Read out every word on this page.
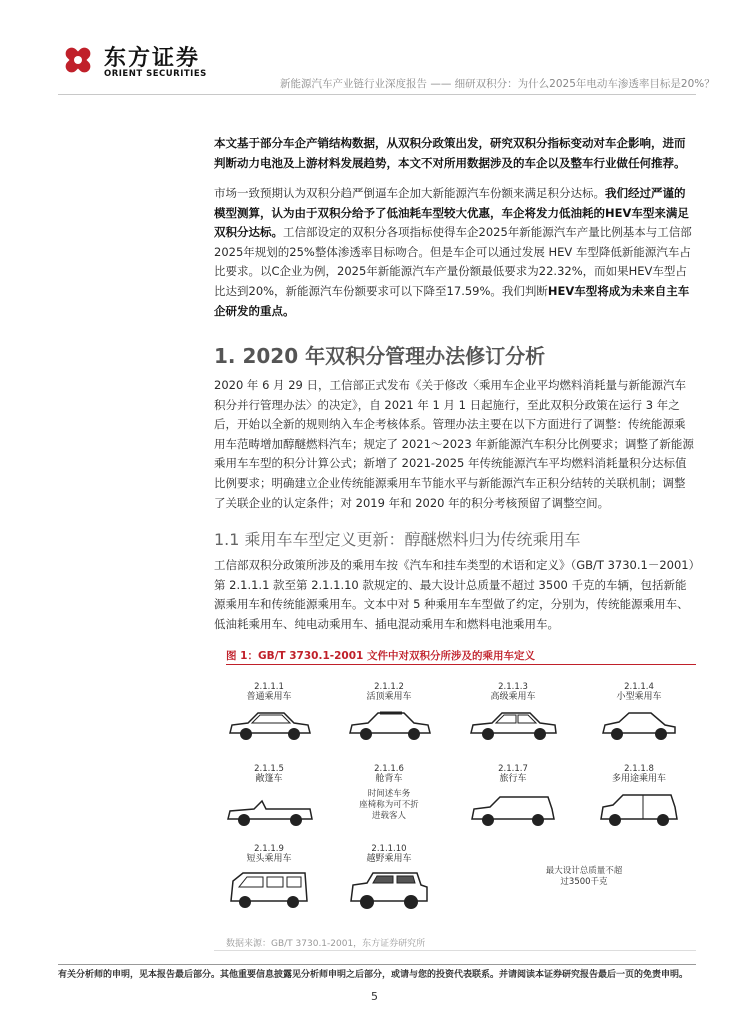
东方证券
ORIENT SECURITIES
新能源汽车产业链行业深度报告 —— 细研双积分：为什么2025年电动车渗透率目标是20%？
本文基于部分车企产销结构数据，从双积分政策出发，研究双积分指标变动对车企影响，进而判断动力电池及上游材料发展趋势，本文不对所用数据涉及的车企以及整车行业做任何推荐。
市场一致预期认为双积分趋严倒逼车企加大新能源汽车份额来满足积分达标。我们经过严谨的模型测算，认为由于双积分给予了低油耗车型较大优惠，车企将发力低油耗的HEV车型来满足双积分达标。工信部设定的双积分各项指标使得车企2025年新能源汽车产量比例基本与工信部2025年规划的25%整体渗透率目标吻合。但是车企可以通过发展 HEV 车型降低新能源汽车占比要求。以C企业为例，2025年新能源汽车产量份额最低要求为22.32%，而如果HEV车型占比达到20%，新能源汽车份额要求可以下降至17.59%。我们判断HEV车型将成为未来自主车企研发的重点。
1. 2020 年双积分管理办法修订分析
2020 年 6 月 29 日，工信部正式发布《关于修改〈乘用车企业平均燃料消耗量与新能源汽车积分并行管理办法〉的决定》，自 2021 年 1 月 1 日起施行，至此双积分政策在运行 3 年之后，开始以全新的规则纳入车企考核体系。管理办法主要在以下方面进行了调整：传统能源乘用车范畴增加醇醚燃料汽车；规定了 2021～2023 年新能源汽车积分比例要求；调整了新能源乘用车车型的积分计算公式；新增了 2021-2025 年传统能源汽车平均燃料消耗量积分达标值比例要求；明确建立企业传统能源乘用车节能水平与新能源汽车正积分结转的关联机制；调整了关联企业的认定条件；对 2019 年和 2020 年的积分考核预留了调整空间。
1.1 乘用车车型定义更新：醇醚燃料归为传统乘用车
工信部双积分政策所涉及的乘用车按《汽车和挂车类型的术语和定义》（GB/T 3730.1－2001）第 2.1.1.1 款至第 2.1.1.10 款规定的、最大设计总质量不超过 3500 千克的车辆，包括新能源乘用车和传统能源乘用车。文本中对 5 种乘用车车型做了约定，分别为，传统能源乘用车、低油耗乘用车、纯电动乘用车、插电混动乘用车和燃料电池乘用车。
图 1：GB/T 3730.1-2001 文件中对双积分所涉及的乘用车定义
2.1.1.1
普通乘用车
2.1.1.2
活顶乘用车
2.1.1.3
高级乘用车
2.1.1.4
小型乘用车
2.1.1.5
敞篷车
2.1.1.6
舱背车
时间述车务
座椅称为可不折
进载客人
2.1.1.7
旅行车
2.1.1.8
多用途乘用车
2.1.1.9
短头乘用车
2.1.1.10
越野乘用车
最大设计总质量不超
过3500千克
数据来源：GB/T 3730.1-2001，东方证券研究所
有关分析师的申明，见本报告最后部分。其他重要信息披露见分析师申明之后部分，或请与您的投资代表联系。并请阅读本证券研究报告最后一页的免责申明。
5
